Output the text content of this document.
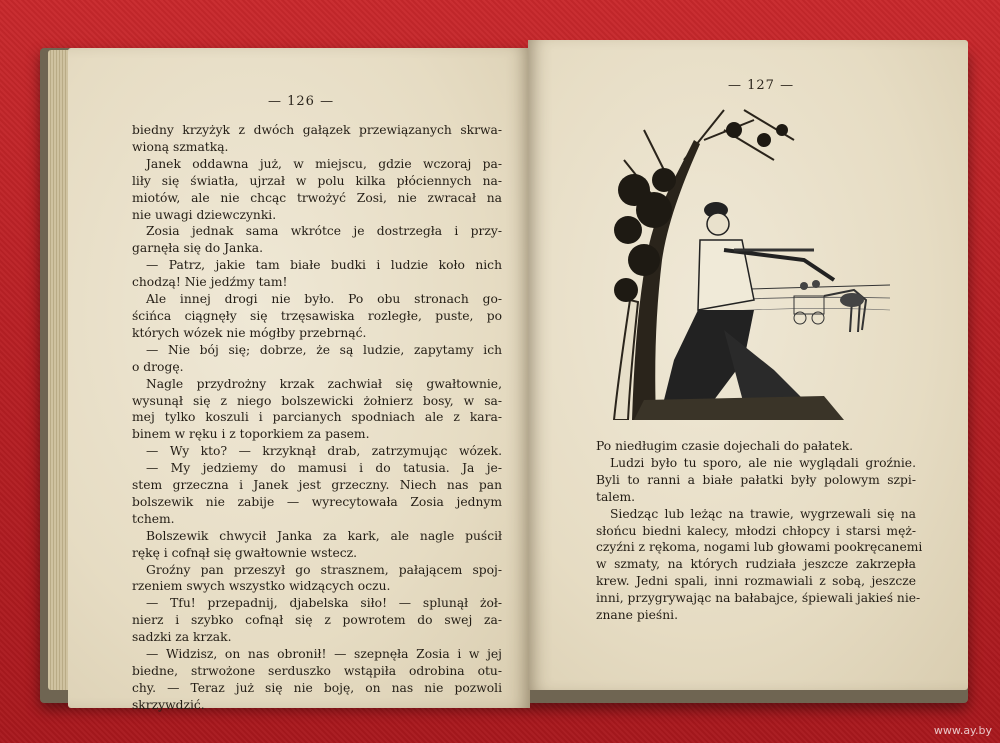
— 126 —
biedny krzyżyk z dwóch gałązek przewiązanych skrwa-
wioną szmatką.
Janek oddawna już, w miejscu, gdzie wczoraj pa-
liły się światła, ujrzał w polu kilka płóciennych na-
miotów, ale nie chcąc trwożyć Zosi, nie zwracał na
nie uwagi dziewczynki.
Zosia jednak sama wkrótce je dostrzegła i przy-
garnęła się do Janka.
— Patrz, jakie tam białe budki i ludzie koło nich
chodzą! Nie jedźmy tam!
Ale innej drogi nie było. Po obu stronach go-
ścińca ciągnęły się trzęsawiska rozległe, puste, po
których wózek nie mógłby przebrnąć.
— Nie bój się; dobrze, że są ludzie, zapytamy ich
o drogę.
Nagle przydrożny krzak zachwiał się gwałtownie,
wysunął się z niego bolszewicki żołnierz bosy, w sa-
mej tylko koszuli i parcianych spodniach ale z kara-
binem w ręku i z toporkiem za pasem.
— Wy kto? — krzyknął drab, zatrzymując wózek.
— My jedziemy do mamusi i do tatusia. Ja je-
stem grzeczna i Janek jest grzeczny. Niech nas pan
bolszewik nie zabije — wyrecytowała Zosia jednym
tchem.
Bolszewik chwycił Janka za kark, ale nagle puścił
rękę i cofnął się gwałtownie wstecz.
Groźny pan przeszył go strasznem, pałającem spoj-
rzeniem swych wszystko widzących oczu.
— Tfu! przepadnij, djabelska siło! — splunął żoł-
nierz i szybko cofnął się z powrotem do swej za-
sadzki za krzak.
— Widzisz, on nas obronił! — szepnęła Zosia i w jej
biedne, strwożone serduszko wstąpiła odrobina otu-
chy. — Teraz już się nie boję, on nas nie pozwoli
skrzywdzić.
— 127 —
Po niedługim czasie dojechali do pałatek.
Ludzi było tu sporo, ale nie wyglądali groźnie.
Byli to ranni a białe pałatki były polowym szpi-
talem.
Siedząc lub leżąc na trawie, wygrzewali się na
słońcu biedni kalecy, młodzi chłopcy i starsi męż-
czyźni z rękoma, nogami lub głowami pookręcanemi
w szmaty, na których rudziała jeszcze zakrzepła
krew. Jedni spali, inni rozmawiali z sobą, jeszcze
inni, przygrywając na bałabajce, śpiewali jakieś nie-
znane pieśni.
www.ay.by
